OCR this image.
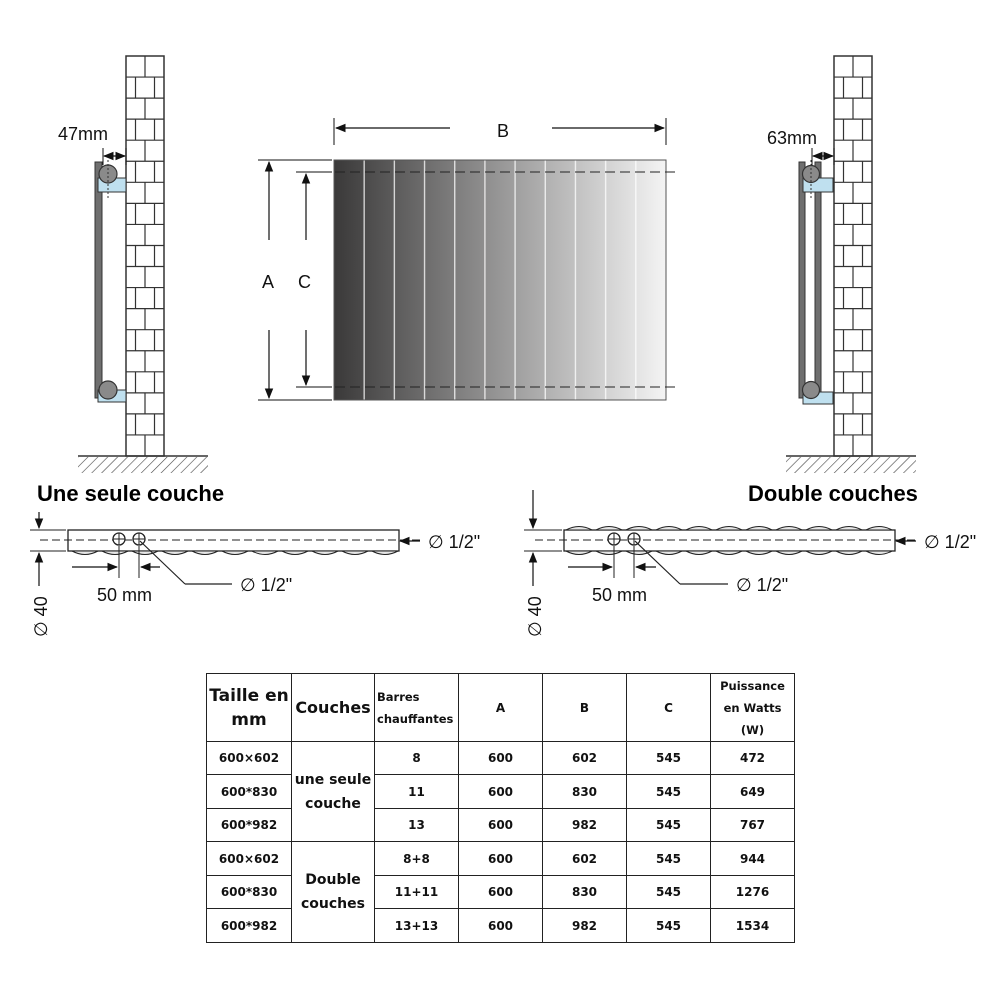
47mm	63mm
B
A C
Une seule couche	Double couches
∅ 40
∅ 1/2"
50 mm	∅ 1/2"
∅ 40
∅ 1/2"
50 mm	∅ 1/2"
Taille en mm	Couches	Barres chauffantes	A	B	C	Puissance en Watts (W)
600×602	une seule couche	8	600	602	545	472
600*830		11	600	830	545	649
600*982		13	600	982	545	767
600×602	Double couches	8+8	600	602	545	944
600*830		11+11	600	830	545	1276
600*982		13+13	600	982	545	1534
